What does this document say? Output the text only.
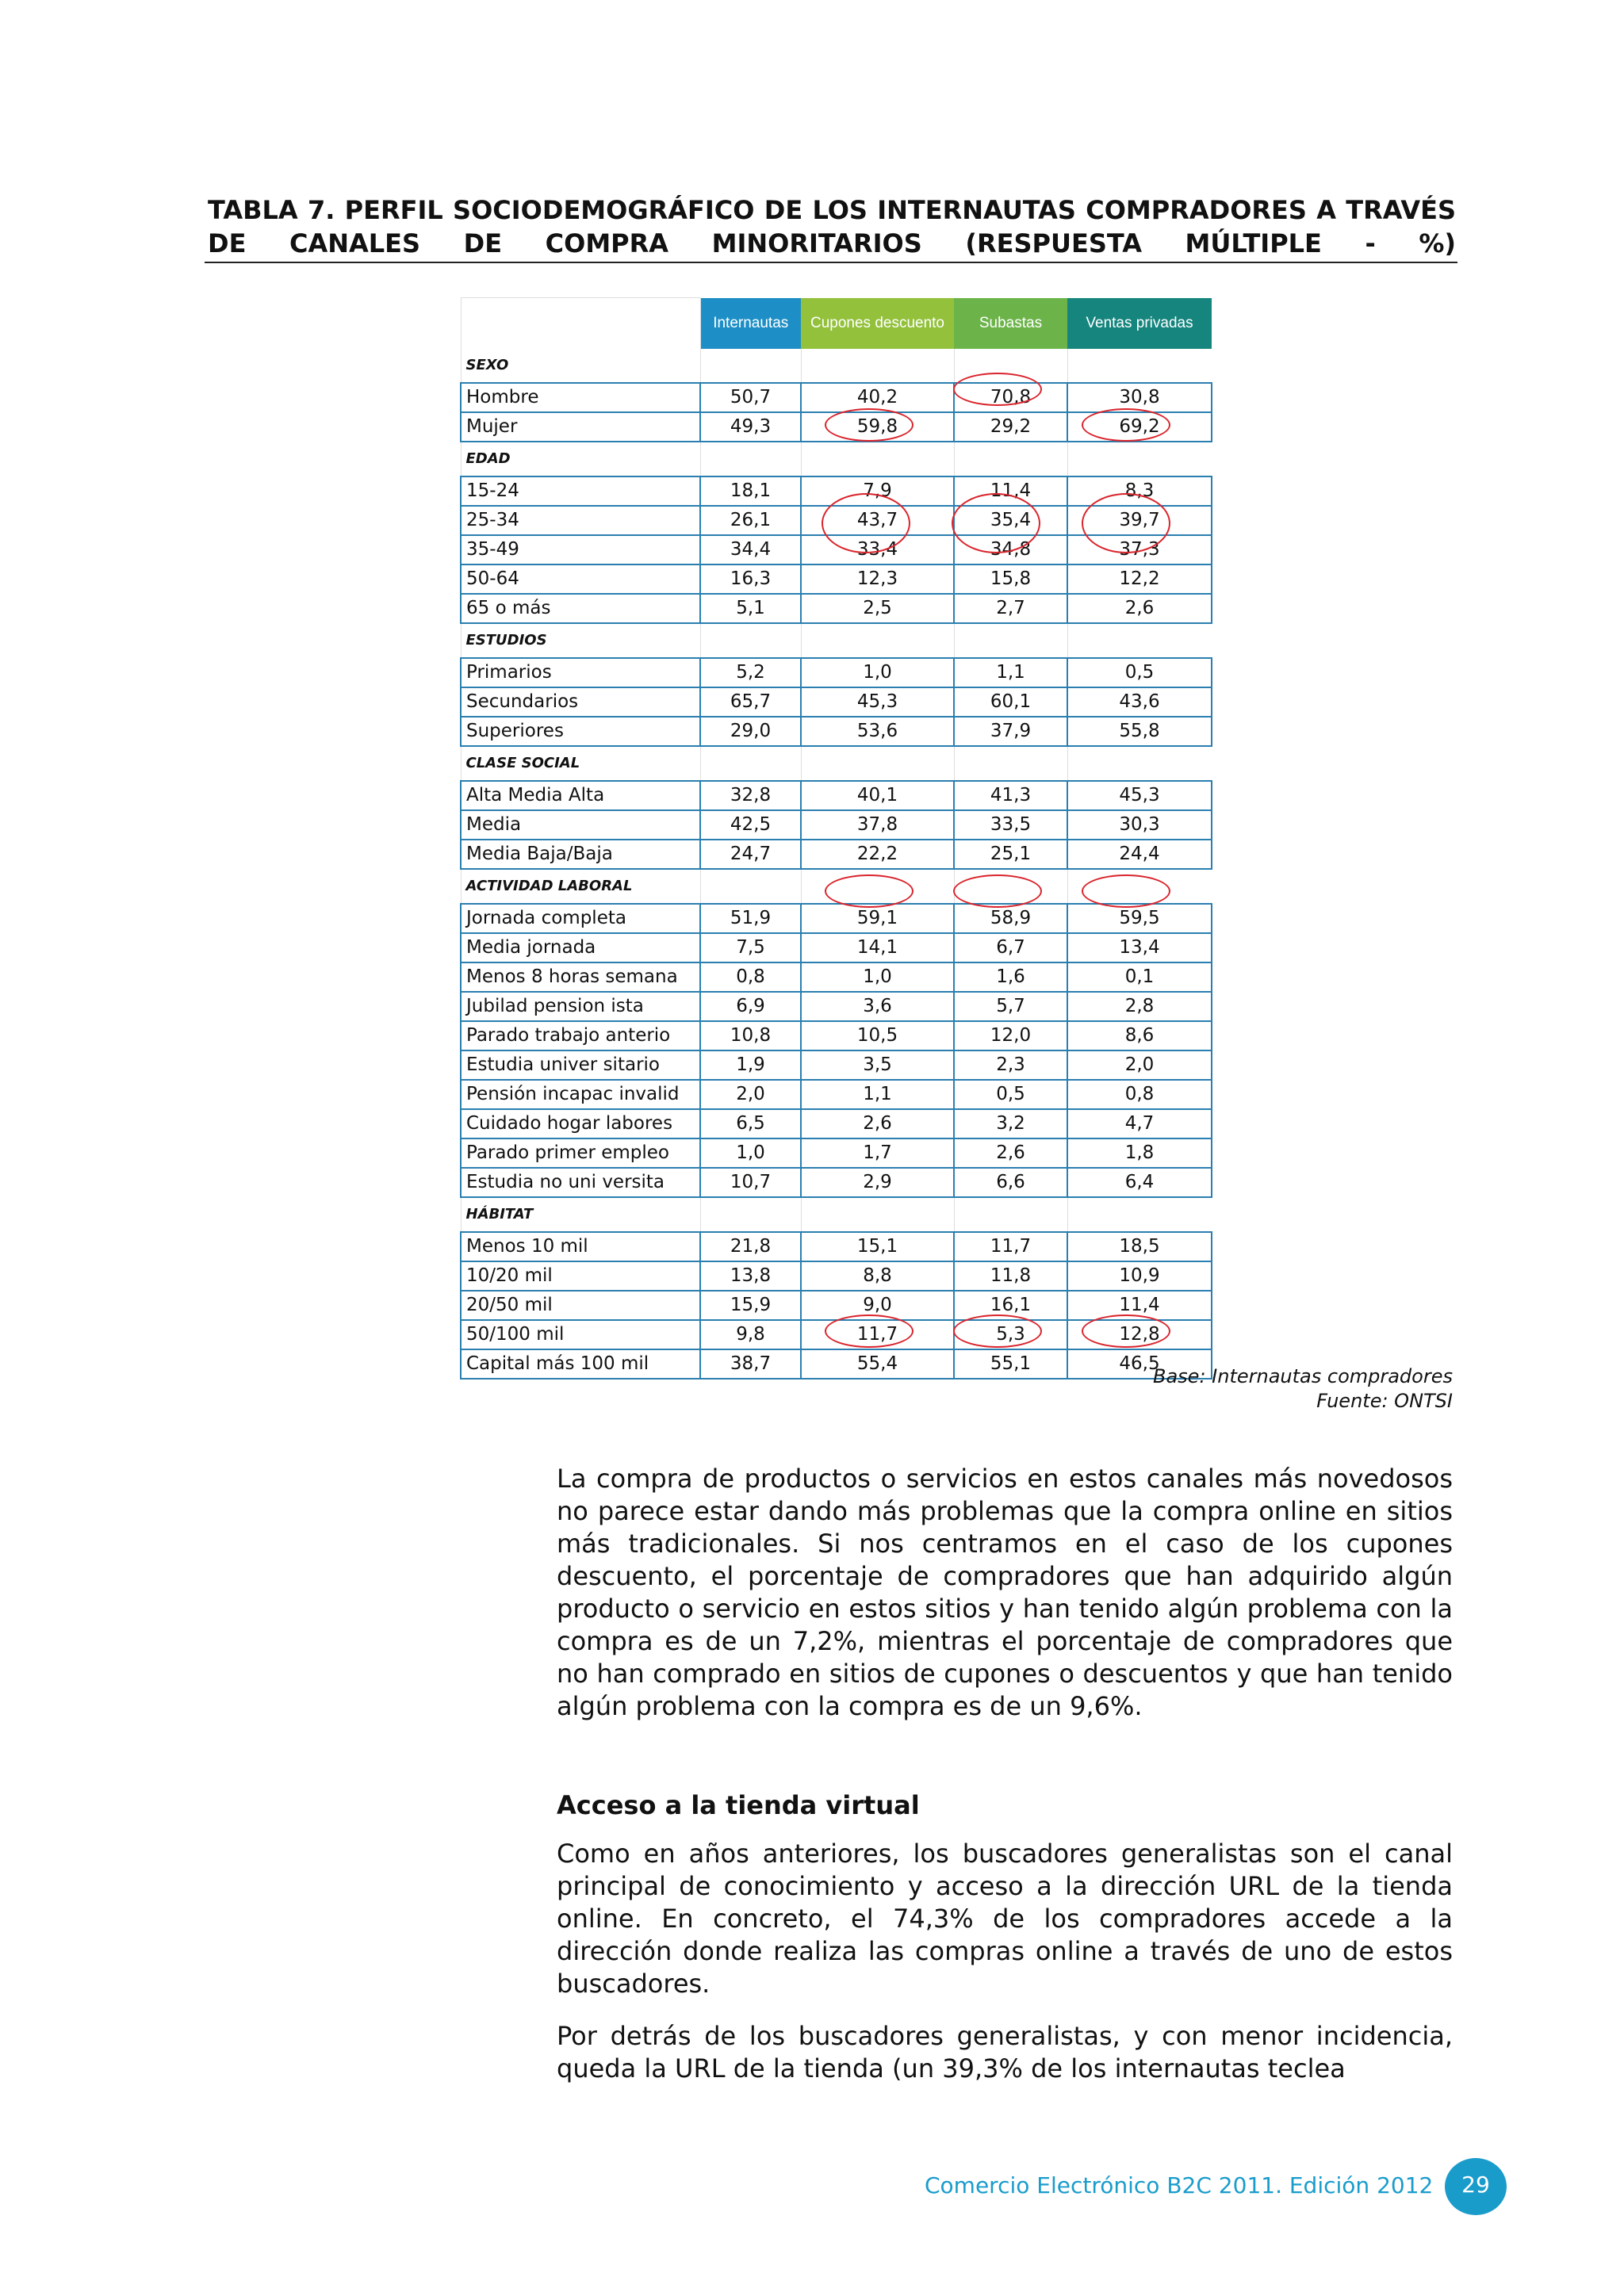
TABLA 7. PERFIL SOCIODEMOGRÁFICO DE LOS INTERNAUTAS COMPRADORES A TRAVÉS DE CANALES DE COMPRA MINORITARIOS (RESPUESTA MÚLTIPLE - %)
	Internautas	Cupones descuento	Subastas	Ventas privadas
SEXO				
Hombre	50,7	40,2	70,8	30,8
Mujer	49,3	59,8	29,2	69,2
EDAD				
15-24	18,1	7,9	11,4	8,3
25-34	26,1	43,7	35,4	39,7
35-49	34,4	33,4	34,8	37,3
50-64	16,3	12,3	15,8	12,2
65 o más	5,1	2,5	2,7	2,6
ESTUDIOS				
Primarios	5,2	1,0	1,1	0,5
Secundarios	65,7	45,3	60,1	43,6
Superiores	29,0	53,6	37,9	55,8
CLASE SOCIAL				
Alta Media Alta	32,8	40,1	41,3	45,3
Media	42,5	37,8	33,5	30,3
Media Baja/Baja	24,7	22,2	25,1	24,4
ACTIVIDAD LABORAL				
Jornada completa	51,9	59,1	58,9	59,5
Media jornada	7,5	14,1	6,7	13,4
Menos 8 horas semana	0,8	1,0	1,6	0,1
Jubilad pension ista	6,9	3,6	5,7	2,8
Parado trabajo anterio	10,8	10,5	12,0	8,6
Estudia univer sitario	1,9	3,5	2,3	2,0
Pensión incapac invalid	2,0	1,1	0,5	0,8
Cuidado hogar labores	6,5	2,6	3,2	4,7
Parado primer empleo	1,0	1,7	2,6	1,8
Estudia no uni versita	10,7	2,9	6,6	6,4
HÁBITAT				
Menos 10 mil	21,8	15,1	11,7	18,5
10/20 mil	13,8	8,8	11,8	10,9
20/50 mil	15,9	9,0	16,1	11,4
50/100 mil	9,8	11,7	5,3	12,8
Capital más 100 mil	38,7	55,4	55,1	46,5
Base: Internautas compradores
Fuente: ONTSI
La compra de productos o servicios en estos canales más novedosos no parece estar dando más problemas que la compra online en sitios más tradicionales. Si nos centramos en el caso de los cupones descuento, el porcentaje de compradores que han adquirido algún producto o servicio en estos sitios y han tenido algún problema con la compra es de un 7,2%, mientras el porcentaje de compradores que no han comprado en sitios de cupones o descuentos y que han tenido algún problema con la compra es de un 9,6%.
Acceso a la tienda virtual
Como en años anteriores, los buscadores generalistas son el canal principal de conocimiento y acceso a la dirección URL de la tienda online. En concreto, el 74,3% de los compradores accede a la dirección donde realiza las compras online a través de uno de estos buscadores.
Por detrás de los buscadores generalistas, y con menor incidencia, queda la URL de la tienda (un 39,3% de los internautas teclea
Comercio Electrónico B2C 2011. Edición 2012	29
